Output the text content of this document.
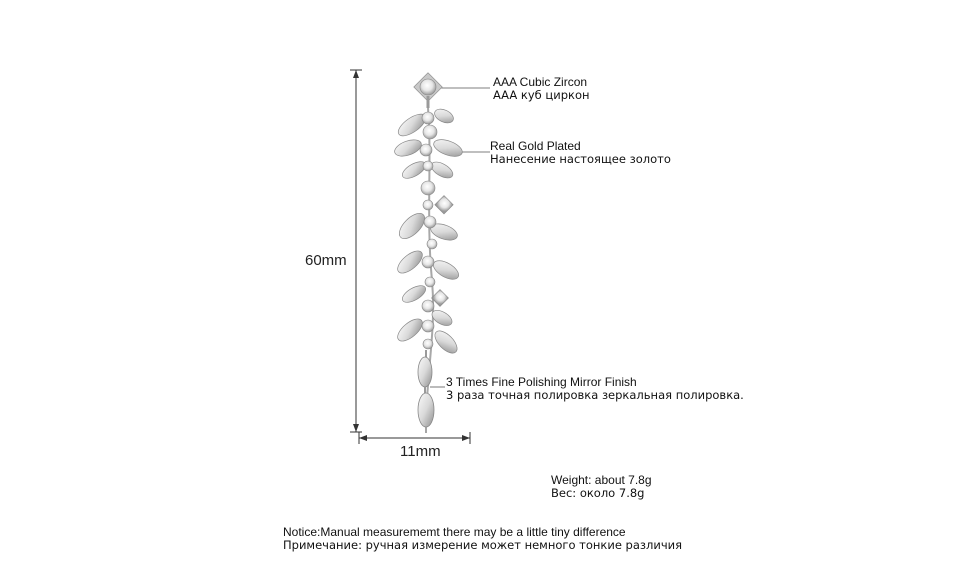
60mm
11mm
AAA Cubic Zircon
AAA куб циркон
Real Gold Plated
Нанесение настоящее золото
3 Times Fine Polishing Mirror Finish
3 раза точная полировка зеркальная полировка.
Weight: about 7.8g
Вес: около 7.8g
Notice:Manual measurememt there may be a little tiny difference
Примечание: ручная измерение может немного тонкие различия
